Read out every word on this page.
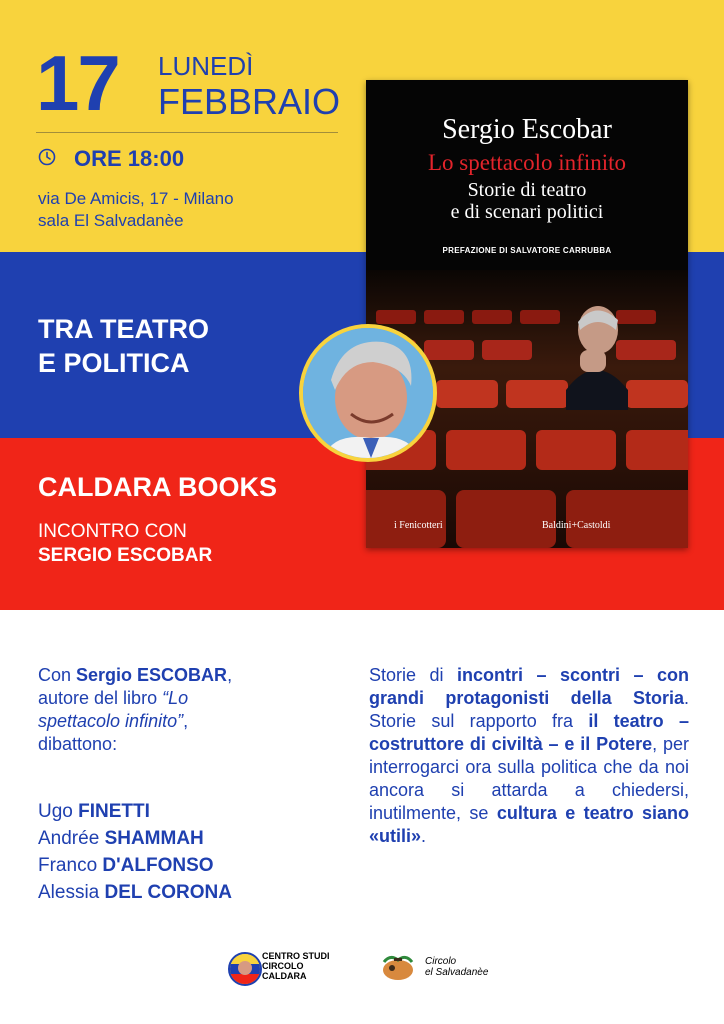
17 LUNEDÌ
FEBBRAIO
ORE 18:00
via De Amicis, 17 - Milano
sala El Salvadanèe
TRA TEATRO
E POLITICA
CALDARA BOOKS
INCONTRO CON
SERGIO ESCOBAR
Sergio Escobar
Lo spettacolo infinito
Storie di teatro
e di scenari politici
PREFAZIONE DI SALVATORE CARRUBBA
i Fenicotteri	Baldini+Castoldi
Con Sergio ESCOBAR,
autore del libro “Lo
spettacolo infinito”,
dibattono:
Ugo FINETTI
Andrée SHAMMAH
Franco D'ALFONSO
Alessia DEL CORONA
Storie di incontri – scontri – con grandi protagonisti della Storia. Storie sul rapporto fra il teatro – costruttore di civiltà – e il Potere, per interrogarci ora sulla politica che da noi ancora si attarda a chiedersi, inutilmente, se cultura e teatro siano «utili».
CENTRO STUDI
CIRCOLO
CALDARA
Circolo
el Salvadanèe
